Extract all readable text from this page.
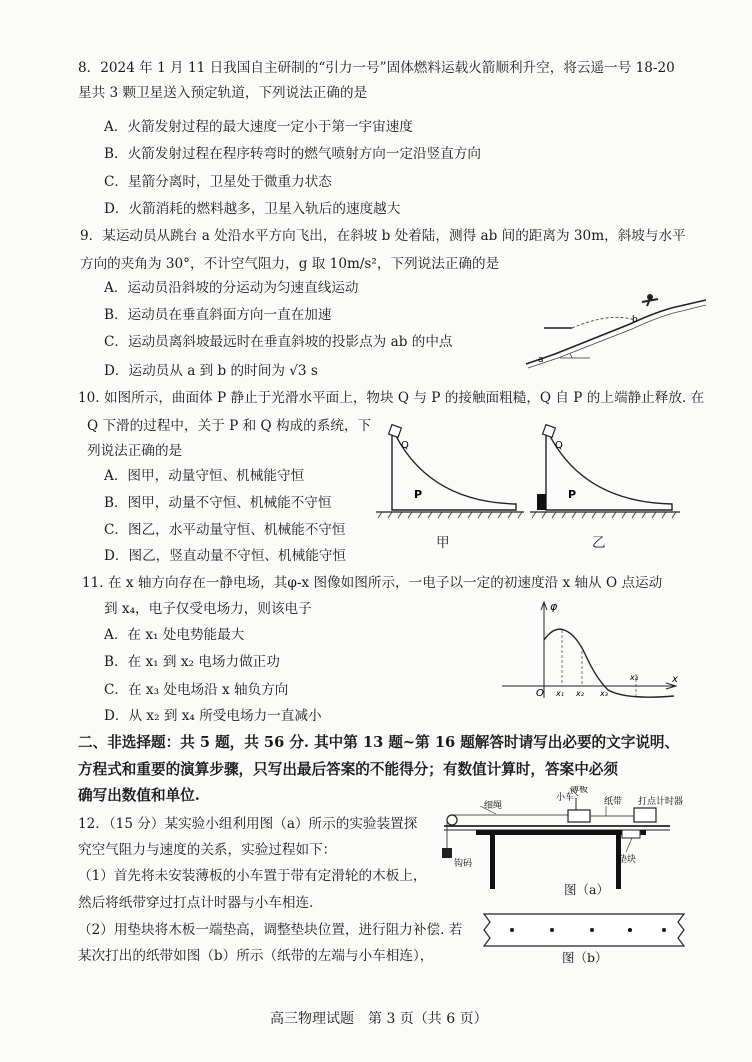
8．2024 年 1 月 11 日我国自主研制的“引力一号”固体燃料运载火箭顺利升空，将云遥一号 18-20
星共 3 颗卫星送入预定轨道，下列说法正确的是
A．火箭发射过程的最大速度一定小于第一宇宙速度
B．火箭发射过程在程序转弯时的燃气喷射方向一定沿竖直方向
C．星箭分离时，卫星处于微重力状态
D．火箭消耗的燃料越多，卫星入轨后的速度越大
9．某运动员从跳台 a 处沿水平方向飞出，在斜坡 b 处着陆，测得 ab 间的距离为 30m，斜坡与水平
方向的夹角为 30°，不计空气阻力，g 取 10m/s²，下列说法正确的是
A．运动员沿斜坡的分运动为匀速直线运动
B．运动员在垂直斜面方向一直在加速
C．运动员离斜坡最远时在垂直斜坡的投影点为 ab 的中点
D．运动员从 a 到 b 的时间为 √3 s
a
b
10. 如图所示，曲面体 P 静止于光滑水平面上，物块 Q 与 P 的接触面粗糙，Q 自 P 的上端静止释放. 在
Q 下滑的过程中，关于 P 和 Q 构成的系统，下
列说法正确的是
A．图甲，动量守恒、机械能守恒
B．图甲，动量不守恒、机械能不守恒
C．图乙，水平动量守恒、机械能不守恒
D．图乙，竖直动量不守恒、机械能守恒
Q
P
Q
P
甲	乙
11. 在 x 轴方向存在一静电场，其φ-x 图像如图所示，一电子以一定的初速度沿 x 轴从 O 点运动
到 x₄，电子仅受电场力，则该电子
A．在 x₁ 处电势能最大
B．在 x₁ 到 x₂ 电场力做正功
C．在 x₃ 处电场沿 x 轴负方向
D．从 x₂ 到 x₄ 所受电场力一直减小
φ
x
O x₁ x₂ x₃
x₄
二、非选择题：共 5 题，共 56 分. 其中第 13 题~第 16 题解答时请写出必要的文字说明、
方程式和重要的演算步骤，只写出最后答案的不能得分；有数值计算时，答案中必须
确写出数值和单位.
12．（15 分）某实验小组利用图（a）所示的实验装置探
究空气阻力与速度的关系，实验过程如下：
（1）首先将未安装薄板的小车置于带有定滑轮的木板上，
然后将纸带穿过打点计时器与小车相连.
（2）用垫块将木板一端垫高，调整垫块位置，进行阻力补偿. 若
某次打出的纸带如图（b）所示（纸带的左端与小车相连），
小车
薄板
细绳	纸带 打点计时器
钩码	垫块
图（a）
图（b）
高三物理试题　第 3 页（共 6 页）
